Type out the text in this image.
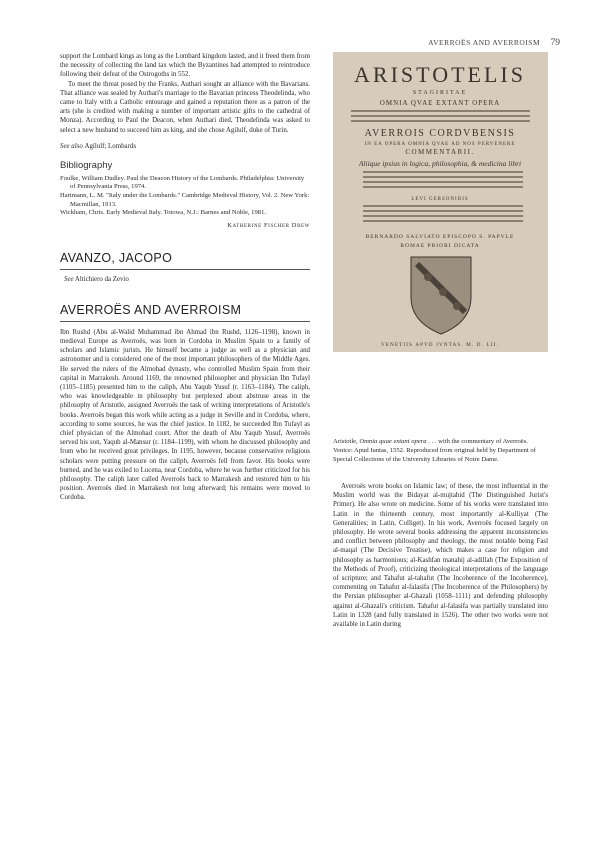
AVERROËS AND AVERROISM 79

support the Lombard kings as long as the Lombard kingdom lasted, and it freed them from the necessity of collecting the land tax which the Byzantines had attempted to reintroduce following their defeat of the Ostrogoths in 552.

To meet the threat posed by the Franks, Authari sought an alliance with the Bavarians. That alliance was sealed by Authari's marriage to the Bavarian princess Theodelinda, who came to Italy with a Catholic entourage and gained a reputation there as a patron of the arts (she is credited with making a number of important artistic gifts to the cathedral of Monza). According to Paul the Deacon, when Authari died, Theodelinda was asked to select a new husband to succeed him as king, and she chose Agilulf, duke of Turin.

See also Agilulf; Lombards
Bibliography

Foulke, William Dudley. Paul the Deacon History of the Lombards. Philadelphia: University of Pennsylvania Press, 1974.

Hartmann, L. M. "Italy under the Lombards." Cambridge Medieval History, Vol. 2. New York: Macmillan, 1913.

Wickham, Chris. Early Medieval Italy. Totowa, N.J.: Barnes and Noble, 1981.

Katherine Fischer Drew
AVANZO, JACOPO
See Altichiero da Zevio
AVERROËS AND AVERROISM

Ibn Rushd (Abu al-Walid Muhammad ibn Ahmad ibn Rushd, 1126–1198), known in medieval Europe as Averroës, was born in Cordoba in Muslim Spain to a family of scholars and Islamic jurists. He himself became a judge as well as a physician and astronomer and is considered one of the most important philosophers of the Middle Ages. He served the rulers of the Almohad dynasty, who controlled Muslim Spain from their capital in Marrakesh. Around 1169, the renowned philosopher and physician Ibn Tufayl (1105–1185) presented him to the caliph, Abu Yaqub Yusuf (r. 1163–1184). The caliph, who was knowledgeable in philosophy but perplexed about abstruse areas in the philosophy of Aristotle, assigned Averroës the task of writing interpretations of Aristotle's books. Averroës began this work while acting as a judge in Seville and in Cordoba, where, according to some sources, he was the chief justice. In 1182, he succeeded Ibn Tufayl as chief physician of the Almohad court. After the death of Abu Yaqub Yusuf, Averroës served his son, Yaqub al-Mansur (r. 1184–1199), with whom he discussed philosophy and from who he received great privileges. In 1195, however, because conservative religious scholars were putting pressure on the caliph, Averroës fell from favor. His books were burned, and he was exiled to Lucena, near Cordoba, where he was further criticized for his philosophy. The caliph later called Averroës back to Marrakesh and restored him to his position. Averroës died in Marrakesh not long afterward; his remains were moved to Cordoba.

ARISTOTELIS
STAGIRITAE
OMNIA QVAE EXTANT OPERA
AVERROIS CORDVBENSIS
IN EA OPERA OMNIA QVAE AD NOS PERVENERE
COMMENTARII.
Aliique ipsius in logica, philosophia, & medicina libri
LEVI GERSONIDIS
BERNARDO SALVIATO EPISCOPO S. PAPVLE
ROMAE PRIORI DICATA
VENETIIS APVD IVNTAS. M. D. LII.
Aristotle, Omnia quae extant opera . . . with the commentary of Averroës. Venice: Apud Iuntas, 1552. Reproduced from original held by Department of Special Collections of the University Libraries of Notre Dame.

Averroës wrote books on Islamic law; of these, the most influential in the Muslim world was the Bidayat al-mujtahid (The Distinguished Jurist's Primer). He also wrote on medicine. Some of his works were translated into Latin in the thirteenth century, most importantly al-Kulliyat (The Generalities; in Latin, Colliget). In his work, Averroës focused largely on philosophy. He wrote several books addressing the apparent inconsistencies and conflict between philosophy and theology, the most notable being Fasl al-maqal (The Decisive Treatise), which makes a case for religion and philosophy as harmonious; al-Kashfan manahij al-adillah (The Exposition of the Methods of Proof), criticizing theological interpretations of the language of scripture; and Tahafut al-tahafut (The Incoherence of the Incoherence), commenting on Tahafut al-falasifa (The Incoherence of the Philosophers) by the Persian philosopher al-Ghazali (1058–1111) and defending philosophy against al-Ghazali's criticism. Tahafut al-falasifa was partially translated into Latin in 1328 (and fully translated in 1526). The other two works were not available in Latin during
